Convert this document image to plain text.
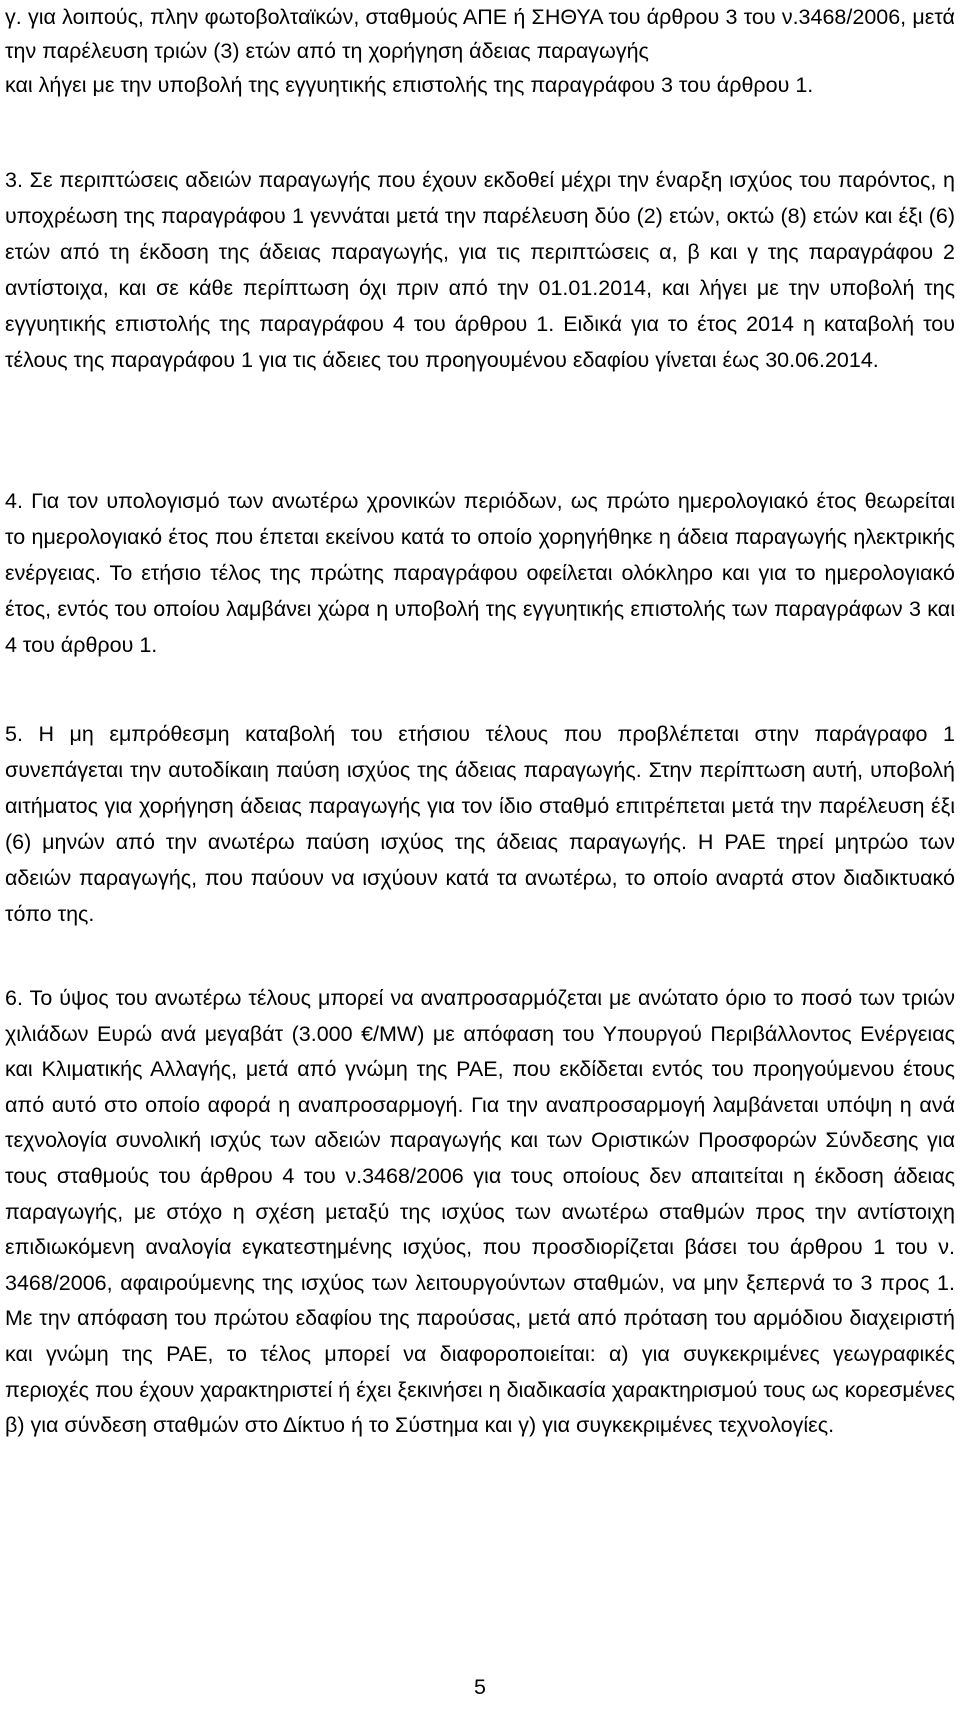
γ. για λοιπούς, πλην φωτοβολταϊκών, σταθμούς ΑΠΕ ή ΣΗΘΥΑ του άρθρου 3 του ν.3468/2006, μετά την παρέλευση τριών (3) ετών από τη χορήγηση άδειας παραγωγής
και λήγει με την υποβολή της εγγυητικής επιστολής της παραγράφου 3 του άρθρου 1.
3. Σε περιπτώσεις αδειών παραγωγής που έχουν εκδοθεί μέχρι την έναρξη ισχύος του παρόντος, η υποχρέωση της παραγράφου 1 γεννάται μετά την παρέλευση δύο (2) ετών, οκτώ (8) ετών και έξι (6) ετών από τη έκδοση της άδειας παραγωγής, για τις περιπτώσεις α, β και γ της παραγράφου 2 αντίστοιχα, και σε κάθε περίπτωση όχι πριν από την 01.01.2014, και λήγει με την υποβολή της εγγυητικής επιστολής της παραγράφου 4 του άρθρου 1. Ειδικά για το έτος 2014 η καταβολή του τέλους της παραγράφου 1 για τις άδειες του προηγουμένου εδαφίου γίνεται έως 30.06.2014.
4. Για τον υπολογισμό των ανωτέρω χρονικών περιόδων, ως πρώτο ημερολογιακό έτος θεωρείται το ημερολογιακό έτος που έπεται εκείνου κατά το οποίο χορηγήθηκε η άδεια παραγωγής ηλεκτρικής ενέργειας. Το ετήσιο τέλος της πρώτης παραγράφου οφείλεται ολόκληρο και για το ημερολογιακό έτος, εντός του οποίου λαμβάνει χώρα η υποβολή της εγγυητικής επιστολής των παραγράφων 3 και 4 του άρθρου 1.
5. Η μη εμπρόθεσμη καταβολή του ετήσιου τέλους που προβλέπεται στην παράγραφο 1 συνεπάγεται την αυτοδίκαιη παύση ισχύος της άδειας παραγωγής. Στην περίπτωση αυτή, υποβολή αιτήματος για χορήγηση άδειας παραγωγής για τον ίδιο σταθμό επιτρέπεται μετά την παρέλευση έξι (6) μηνών από την ανωτέρω παύση ισχύος της άδειας παραγωγής. Η ΡΑΕ τηρεί μητρώο των αδειών παραγωγής, που παύουν να ισχύουν κατά τα ανωτέρω, το οποίο αναρτά στον διαδικτυακό τόπο της.
6. Το ύψος του ανωτέρω τέλους μπορεί να αναπροσαρμόζεται με ανώτατο όριο το ποσό των τριών χιλιάδων Ευρώ ανά μεγαβάτ (3.000 €/MW) με απόφαση του Υπουργού Περιβάλλοντος Ενέργειας και Κλιματικής Αλλαγής, μετά από γνώμη της ΡΑΕ, που εκδίδεται εντός του προηγούμενου έτους από αυτό στο οποίο αφορά η αναπροσαρμογή. Για την αναπροσαρμογή λαμβάνεται υπόψη η ανά τεχνολογία συνολική ισχύς των αδειών παραγωγής και των Οριστικών Προσφορών Σύνδεσης για τους σταθμούς του άρθρου 4 του ν.3468/2006 για τους οποίους δεν απαιτείται η έκδοση άδειας παραγωγής, με στόχο η σχέση μεταξύ της ισχύος των ανωτέρω σταθμών προς την αντίστοιχη επιδιωκόμενη αναλογία εγκατεστημένης ισχύος, που προσδιορίζεται βάσει του άρθρου 1 του ν. 3468/2006, αφαιρούμενης της ισχύος των λειτουργούντων σταθμών, να μην ξεπερνά το 3 προς 1. Με την απόφαση του πρώτου εδαφίου της παρούσας, μετά από πρόταση του αρμόδιου διαχειριστή και γνώμη της ΡΑΕ, το τέλος μπορεί να διαφοροποιείται: α) για συγκεκριμένες γεωγραφικές περιοχές που έχουν χαρακτηριστεί ή έχει ξεκινήσει η διαδικασία χαρακτηρισμού τους ως κορεσμένες β) για σύνδεση σταθμών στο Δίκτυο ή το Σύστημα και γ) για συγκεκριμένες τεχνολογίες.
5
